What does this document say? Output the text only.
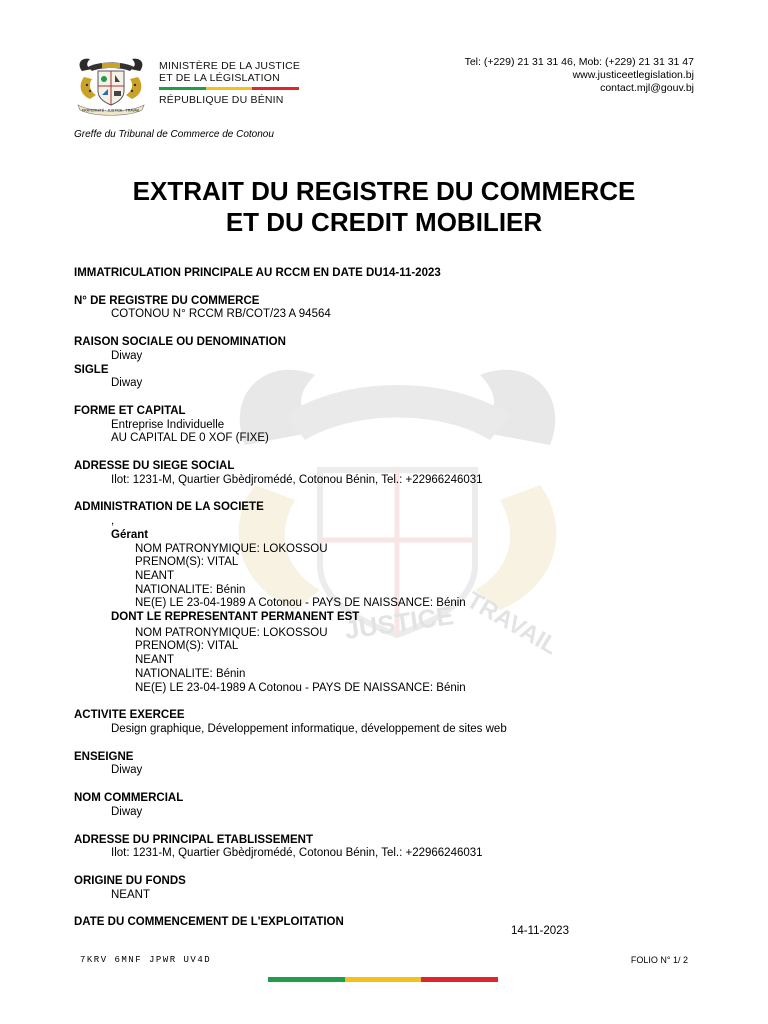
FRATERNITÉ · JUSTICE · TRAVAIL
MINISTÈRE DE LA JUSTICE
ET DE LA LÉGISLATION
RÉPUBLIQUE DU BÉNIN
Tel: (+229) 21 31 31 46, Mob: (+229) 21 31 31 47
www.justiceetlegislation.bj
contact.mjl@gouv.bj
Greffe du Tribunal de Commerce de Cotonou
EXTRAIT DU REGISTRE DU COMMERCE
ET DU CREDIT MOBILIER
JUSTICE TRAVAIL
IMMATRICULATION PRINCIPALE AU RCCM EN DATE DU14-11-2023
N° DE REGISTRE DU COMMERCE
COTONOU N° RCCM RB/COT/23 A 94564
RAISON SOCIALE OU DENOMINATION
Diway
SIGLE
Diway
FORME ET CAPITAL
Entreprise Individuelle
AU CAPITAL DE 0 XOF (FIXE)
ADRESSE DU SIEGE SOCIAL
Ilot: 1231-M, Quartier Gbèdjromédé, Cotonou Bénin, Tel.: +22966246031
ADMINISTRATION DE LA SOCIETE
,
Gérant
NOM PATRONYMIQUE: LOKOSSOU
PRENOM(S): VITAL
NEANT
NATIONALITE: Bénin
NE(E) LE 23-04-1989 A Cotonou - PAYS DE NAISSANCE: Bénin
DONT LE REPRESENTANT PERMANENT EST
NOM PATRONYMIQUE: LOKOSSOU
PRENOM(S): VITAL
NEANT
NATIONALITE: Bénin
NE(E) LE 23-04-1989 A Cotonou - PAYS DE NAISSANCE: Bénin
ACTIVITE EXERCEE
Design graphique, Développement informatique, développement de sites web
ENSEIGNE
Diway
NOM COMMERCIAL
Diway
ADRESSE DU PRINCIPAL ETABLISSEMENT
Ilot: 1231-M, Quartier Gbèdjromédé, Cotonou Bénin, Tel.: +22966246031
ORIGINE DU FONDS
NEANT
DATE DU COMMENCEMENT DE L'EXPLOITATION
14-11-2023
7KRV 6MNF JPWR UV4D	FOLIO N° 1/ 2
